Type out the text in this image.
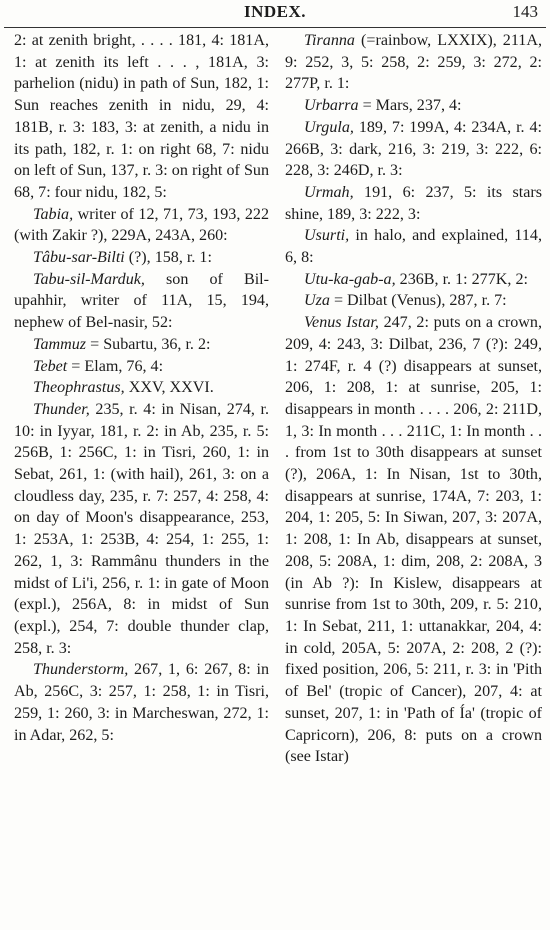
INDEX.	143

2: at zenith bright, . . . . 181, 4: 181A, 1: at zenith its left . . . , 181A, 3: parhelion (nidu) in path of Sun, 182, 1: Sun reaches zenith in nidu, 29, 4: 181B, r. 3: 183, 3: at zenith, a nidu in its path, 182, r. 1: on right 68, 7: nidu on left of Sun, 137, r. 3: on right of Sun 68, 7: four nidu, 182, 5:

Tabia, writer of 12, 71, 73, 193, 222 (with Zakir ?), 229A, 243A, 260:

Tâbu-sar-Bilti (?), 158, r. 1:

Tabu-sil-Marduk, son of Bil-upahhir, writer of 11A, 15, 194, nephew of Bel-nasir, 52:

Tammuz = Subartu, 36, r. 2:

Tebet = Elam, 76, 4:

Theophrastus, XXV, XXVI.

Thunder, 235, r. 4: in Nisan, 274, r. 10: in Iyyar, 181, r. 2: in Ab, 235, r. 5: 256B, 1: 256C, 1: in Tisri, 260, 1: in Sebat, 261, 1: (with hail), 261, 3: on a cloudless day, 235, r. 7: 257, 4: 258, 4: on day of Moon's disappearance, 253, 1: 253A, 1: 253B, 4: 254, 1: 255, 1: 262, 1, 3: Rammânu thunders in the midst of Li'i, 256, r. 1: in gate of Moon (expl.), 256A, 8: in midst of Sun (expl.), 254, 7: double thunder clap, 258, r. 3:

Thunderstorm, 267, 1, 6: 267, 8: in Ab, 256C, 3: 257, 1: 258, 1: in Tisri, 259, 1: 260, 3: in Marcheswan, 272, 1: in Adar, 262, 5:

Tiranna (=rainbow, LXXIX), 211A, 9: 252, 3, 5: 258, 2: 259, 3: 272, 2: 277P, r. 1:

Urbarra = Mars, 237, 4:

Urgula, 189, 7: 199A, 4: 234A, r. 4: 266B, 3: dark, 216, 3: 219, 3: 222, 6: 228, 3: 246D, r. 3:

Urmah, 191, 6: 237, 5: its stars shine, 189, 3: 222, 3:

Usurti, in halo, and explained, 114, 6, 8:

Utu-ka-gab-a, 236B, r. 1: 277K, 2:

Uza = Dilbat (Venus), 287, r. 7:

Venus Istar, 247, 2: puts on a crown, 209, 4: 243, 3: Dilbat, 236, 7 (?): 249, 1: 274F, r. 4 (?) disappears at sunset, 206, 1: 208, 1: at sunrise, 205, 1: disappears in month . . . . 206, 2: 211D, 1, 3: In month . . . 211C, 1: In month . . . from 1st to 30th disappears at sunset (?), 206A, 1: In Nisan, 1st to 30th, disappears at sunrise, 174A, 7: 203, 1: 204, 1: 205, 5: In Siwan, 207, 3: 207A, 1: 208, 1: In Ab, disappears at sunset, 208, 5: 208A, 1: dim, 208, 2: 208A, 3 (in Ab ?): In Kislew, disappears at sunrise from 1st to 30th, 209, r. 5: 210, 1: In Sebat, 211, 1: uttanakkar, 204, 4: in cold, 205A, 5: 207A, 2: 208, 2 (?): fixed position, 206, 5: 211, r. 3: in 'Pith of Bel' (tropic of Cancer), 207, 4: at sunset, 207, 1: in 'Path of Ía' (tropic of Capricorn), 206, 8: puts on a crown (see Istar)
